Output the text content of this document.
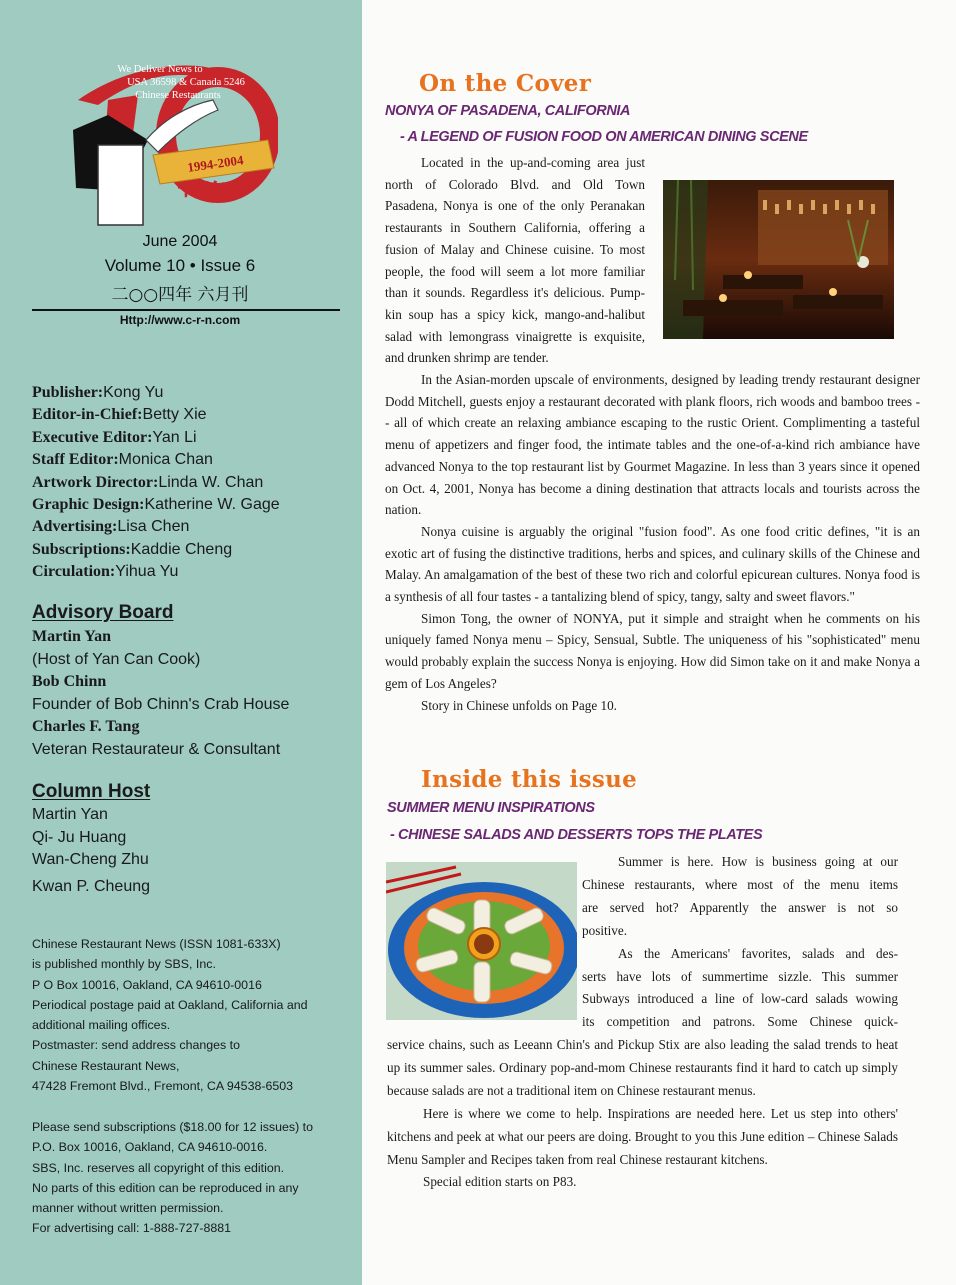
We Deliver News to
USA 36598 & Canada 5246
Chinese Restaurants
1994-2004
十週年慶
June 2004
Volume 10 • Issue 6
二○○四年 六月刊
Http://www.c-r-n.com
Publisher:Kong Yu
Editor-in-Chief:Betty Xie
Executive Editor:Yan Li
Staff Editor:Monica Chan
Artwork Director:Linda W. Chan
Graphic Design:Katherine W. Gage
Advertising:Lisa Chen
Subscriptions:Kaddie Cheng
Circulation:Yihua Yu
Advisory Board
Martin Yan
(Host of Yan Can Cook)
Bob Chinn
Founder of Bob Chinn's Crab House
Charles F. Tang
Veteran Restaurateur & Consultant
Column Host
Martin Yan
Qi- Ju Huang
Wan-Cheng Zhu
Kwan P. Cheung
Chinese Restaurant News (ISSN 1081-633X)
is published monthly by SBS, Inc.
P O Box 10016, Oakland, CA 94610-0016
Periodical postage paid at Oakland, California and
additional mailing offices.
Postmaster: send address changes to
Chinese Restaurant News,
47428 Fremont Blvd., Fremont, CA 94538-6503
Please send subscriptions ($18.00 for 12 issues) to
P.O. Box 10016, Oakland, CA 94610-0016.
SBS, Inc. reserves all copyright of this edition.
No parts of this edition can be reproduced in any
manner without written permission.
For advertising call: 1-888-727-8881
On the Cover
NONYA OF PASADENA, CALIFORNIA
- A LEGEND OF FUSION FOOD ON AMERICAN DINING SCENE
Located in the up-and-coming area just
north of Colorado Blvd. and Old Town
Pasadena, Nonya is one of the only Peranakan
restaurants in Southern California, offering a
fusion of Malay and Chinese cuisine. To most
people, the food will seem a lot more familiar
than it sounds. Regardless it's delicious. Pump-
kin soup has a spicy kick, mango-and-halibut
salad with lemongrass vinaigrette is exquisite,
and drunken shrimp are tender.

In the Asian-morden upscale of environments, designed by leading trendy restaurant designer Dodd Mitchell, guests enjoy a restaurant decorated with plank floors, rich woods and bamboo trees -- all of which create an relaxing ambiance escaping to the rustic Orient. Complimenting a tasteful menu of appetizers and finger food, the intimate tables and the one-of-a-kind rich ambiance have advanced Nonya to the top restaurant list by Gourmet Magazine. In less than 3 years since it opened on Oct. 4, 2001, Nonya has become a dining destination that attracts locals and tourists across the nation.

Nonya cuisine is arguably the original "fusion food". As one food critic defines, "it is an exotic art of fusing the distinctive traditions, herbs and spices, and culinary skills of the Chinese and Malay. An amalgamation of the best of these two rich and colorful epicurean cultures. Nonya food is a synthesis of all four tastes - a tantalizing blend of spicy, tangy, salty and sweet flavors."

Simon Tong, the owner of NONYA, put it simple and straight when he comments on his uniquely famed Nonya menu – Spicy, Sensual, Subtle. The uniqueness of his "sophisticated" menu would probably explain the success Nonya is enjoying. How did Simon take on it and make Nonya a gem of Los Angeles?

Story in Chinese unfolds on Page 10.

Inside this issue
SUMMER MENU INSPIRATIONS
- CHINESE SALADS AND DESSERTS TOPS THE PLATES
Summer is here. How is business going at our
Chinese restaurants, where most of the menu items
are served hot? Apparently the answer is not so
positive.
As the Americans' favorites, salads and des-
serts have lots of summertime sizzle. This summer
Subways introduced a line of low-card salads wowing
its competition and patrons. Some Chinese quick-

service chains, such as Leeann Chin's and Pickup Stix are also leading the salad trends to heat up its summer sales. Ordinary pop-and-mom Chinese restaurants find it hard to catch up simply because salads are not a traditional item on Chinese restaurant menus.

Here is where we come to help. Inspirations are needed here. Let us step into others' kitchens and peek at what our peers are doing. Brought to you this June edition – Chinese Salads Menu Sampler and Recipes taken from real Chinese restaurant kitchens.

Special edition starts on P83.
